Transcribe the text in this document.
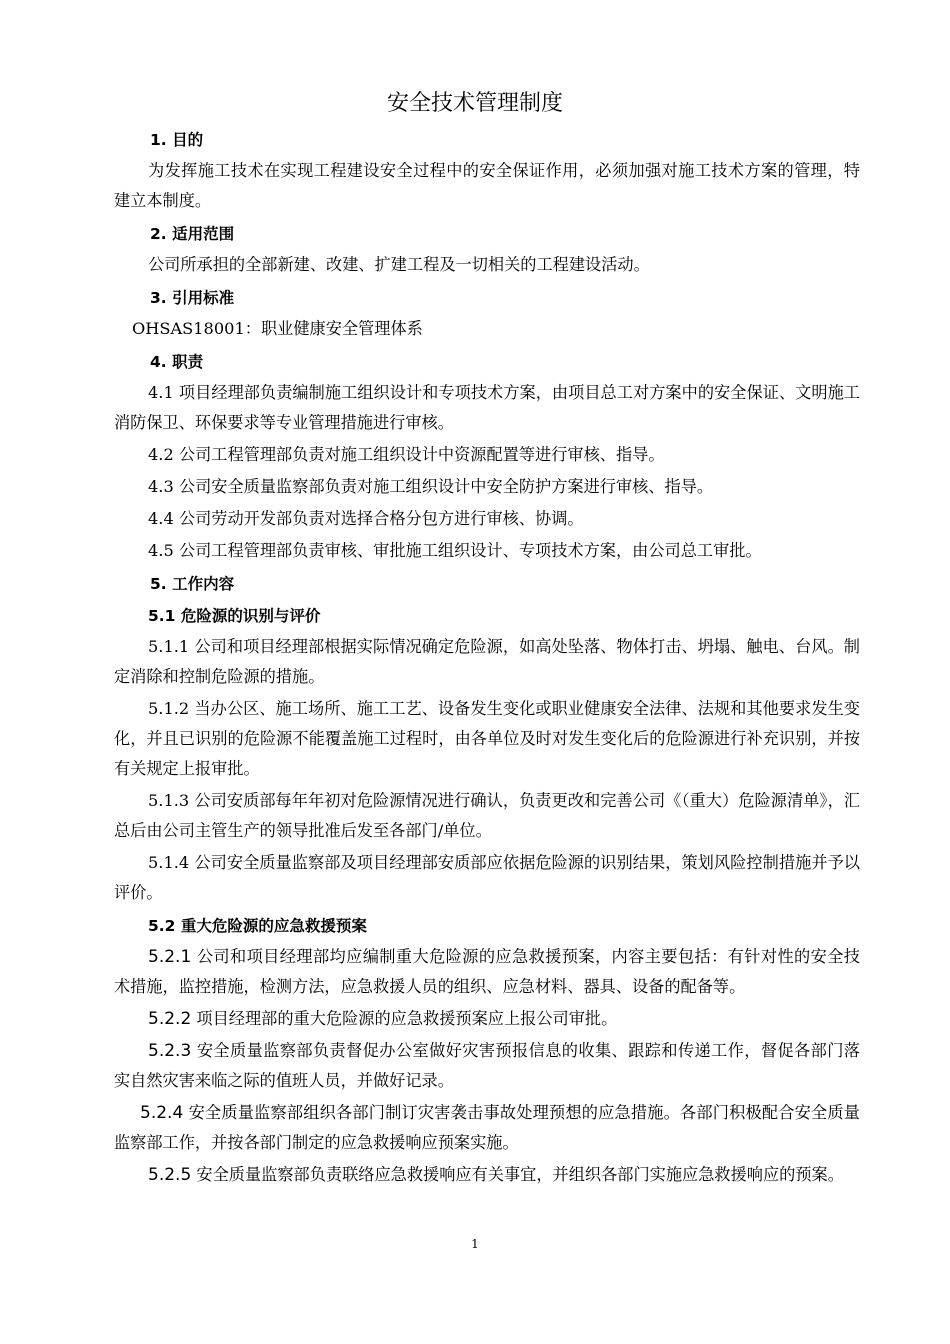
安全技术管理制度

1. 目的

为发挥施工技术在实现工程建设安全过程中的安全保证作用，必须加强对施工技术方案的管理，特建立本制度。

2. 适用范围

公司所承担的全部新建、改建、扩建工程及一切相关的工程建设活动。

3. 引用标准

OHSAS18001：职业健康安全管理体系

4. 职责

4.1 项目经理部负责编制施工组织设计和专项技术方案，由项目总工对方案中的安全保证、文明施工消防保卫、环保要求等专业管理措施进行审核。

4.2 公司工程管理部负责对施工组织设计中资源配置等进行审核、指导。

4.3 公司安全质量监察部负责对施工组织设计中安全防护方案进行审核、指导。

4.4 公司劳动开发部负责对选择合格分包方进行审核、协调。

4.5 公司工程管理部负责审核、审批施工组织设计、专项技术方案，由公司总工审批。

5. 工作内容

5.1 危险源的识别与评价

5.1.1 公司和项目经理部根据实际情况确定危险源，如高处坠落、物体打击、坍塌、触电、台风。制定消除和控制危险源的措施。

5.1.2 当办公区、施工场所、施工工艺、设备发生变化或职业健康安全法律、法规和其他要求发生变化，并且已识别的危险源不能覆盖施工过程时，由各单位及时对发生变化后的危险源进行补充识别，并按有关规定上报审批。

5.1.3 公司安质部每年年初对危险源情况进行确认，负责更改和完善公司《（重大）危险源清单》，汇总后由公司主管生产的领导批准后发至各部门/单位。

5.1.4 公司安全质量监察部及项目经理部安质部应依据危险源的识别结果，策划风险控制措施并予以评价。

5.2 重大危险源的应急救援预案

5.2.1 公司和项目经理部均应编制重大危险源的应急救援预案，内容主要包括：有针对性的安全技术措施，监控措施，检测方法，应急救援人员的组织、应急材料、器具、设备的配备等。

5.2.2 项目经理部的重大危险源的应急救援预案应上报公司审批。

5.2.3 安全质量监察部负责督促办公室做好灾害预报信息的收集、跟踪和传递工作，督促各部门落实自然灾害来临之际的值班人员，并做好记录。

5.2.4 安全质量监察部组织各部门制订灾害袭击事故处理预想的应急措施。各部门积极配合安全质量监察部工作，并按各部门制定的应急救援响应预案实施。

5.2.5 安全质量监察部负责联络应急救援响应有关事宜，并组织各部门实施应急救援响应的预案。

1
